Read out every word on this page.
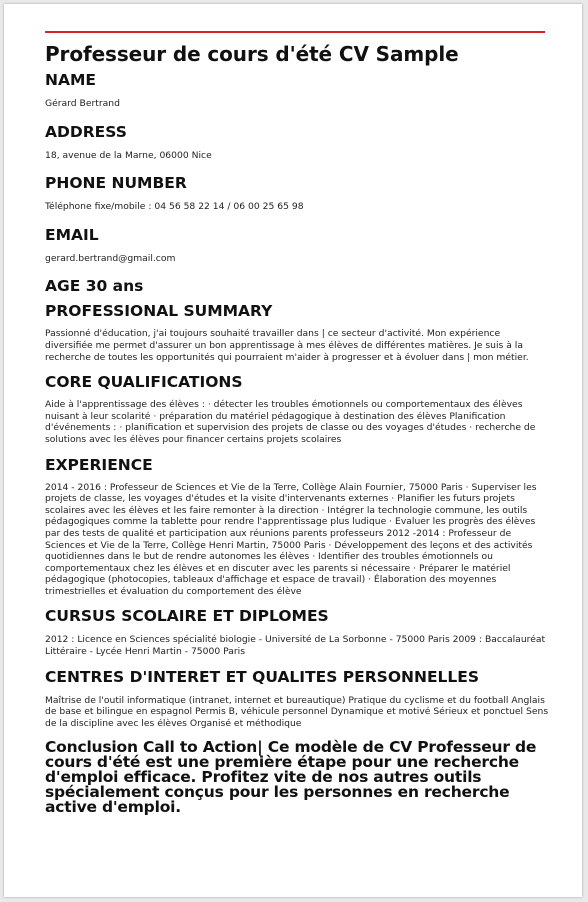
Professeur de cours d'été CV Sample
NAME
Gérard Bertrand
ADDRESS
18, avenue de la Marne, 06000 Nice
PHONE NUMBER
Téléphone fixe/mobile : 04 56 58 22 14 / 06 00 25 65 98
EMAIL
gerard.bertrand@gmail.com
AGE 30 ans
PROFESSIONAL SUMMARY
Passionné d'éducation, j'ai toujours souhaité travailler dans | ce secteur d'activité. Mon expérience diversifiée me permet d'assurer un bon apprentissage à mes élèves de différentes matières. Je suis à la recherche de toutes les opportunités qui pourraient m'aider à progresser et à évoluer dans | mon métier.
CORE QUALIFICATIONS
Aide à l'apprentissage des élèves : · détecter les troubles émotionnels ou comportementaux des élèves nuisant à leur scolarité · préparation du matériel pédagogique à destination des élèves Planification d'événements : · planification et supervision des projets de classe ou des voyages d'études · recherche de solutions avec les élèves pour financer certains projets scolaires
EXPERIENCE
2014 - 2016 : Professeur de Sciences et Vie de la Terre, Collège Alain Fournier, 75000 Paris · Superviser les projets de classe, les voyages d'études et la visite d'intervenants externes · Planifier les futurs projets scolaires avec les élèves et les faire remonter à la direction · Intégrer la technologie commune, les outils pédagogiques comme la tablette pour rendre l'apprentissage plus ludique · Evaluer les progrès des élèves par des tests de qualité et participation aux réunions parents professeurs 2012 -2014 : Professeur de Sciences et Vie de la Terre, Collège Henri Martin, 75000 Paris · Développement des leçons et des activités quotidiennes dans le but de rendre autonomes les élèves · Identifier des troubles émotionnels ou comportementaux chez les élèves et en discuter avec les parents si nécessaire · Préparer le matériel pédagogique (photocopies, tableaux d'affichage et espace de travail) · Élaboration des moyennes trimestrielles et évaluation du comportement des élève
CURSUS SCOLAIRE ET DIPLOMES
2012 : Licence en Sciences spécialité biologie - Université de La Sorbonne - 75000 Paris 2009 : Baccalauréat Littéraire - Lycée Henri Martin - 75000 Paris
CENTRES D'INTERET ET QUALITES PERSONNELLES
Maîtrise de l'outil informatique (intranet, internet et bureautique) Pratique du cyclisme et du football Anglais de base et bilingue en espagnol Permis B, véhicule personnel Dynamique et motivé Sérieux et ponctuel Sens de la discipline avec les élèves Organisé et méthodique
Conclusion Call to Action| Ce modèle de CV Professeur de cours d'été est une première étape pour une recherche d'emploi efficace. Profitez vite de nos autres outils spécialement conçus pour les personnes en recherche active d'emploi.
